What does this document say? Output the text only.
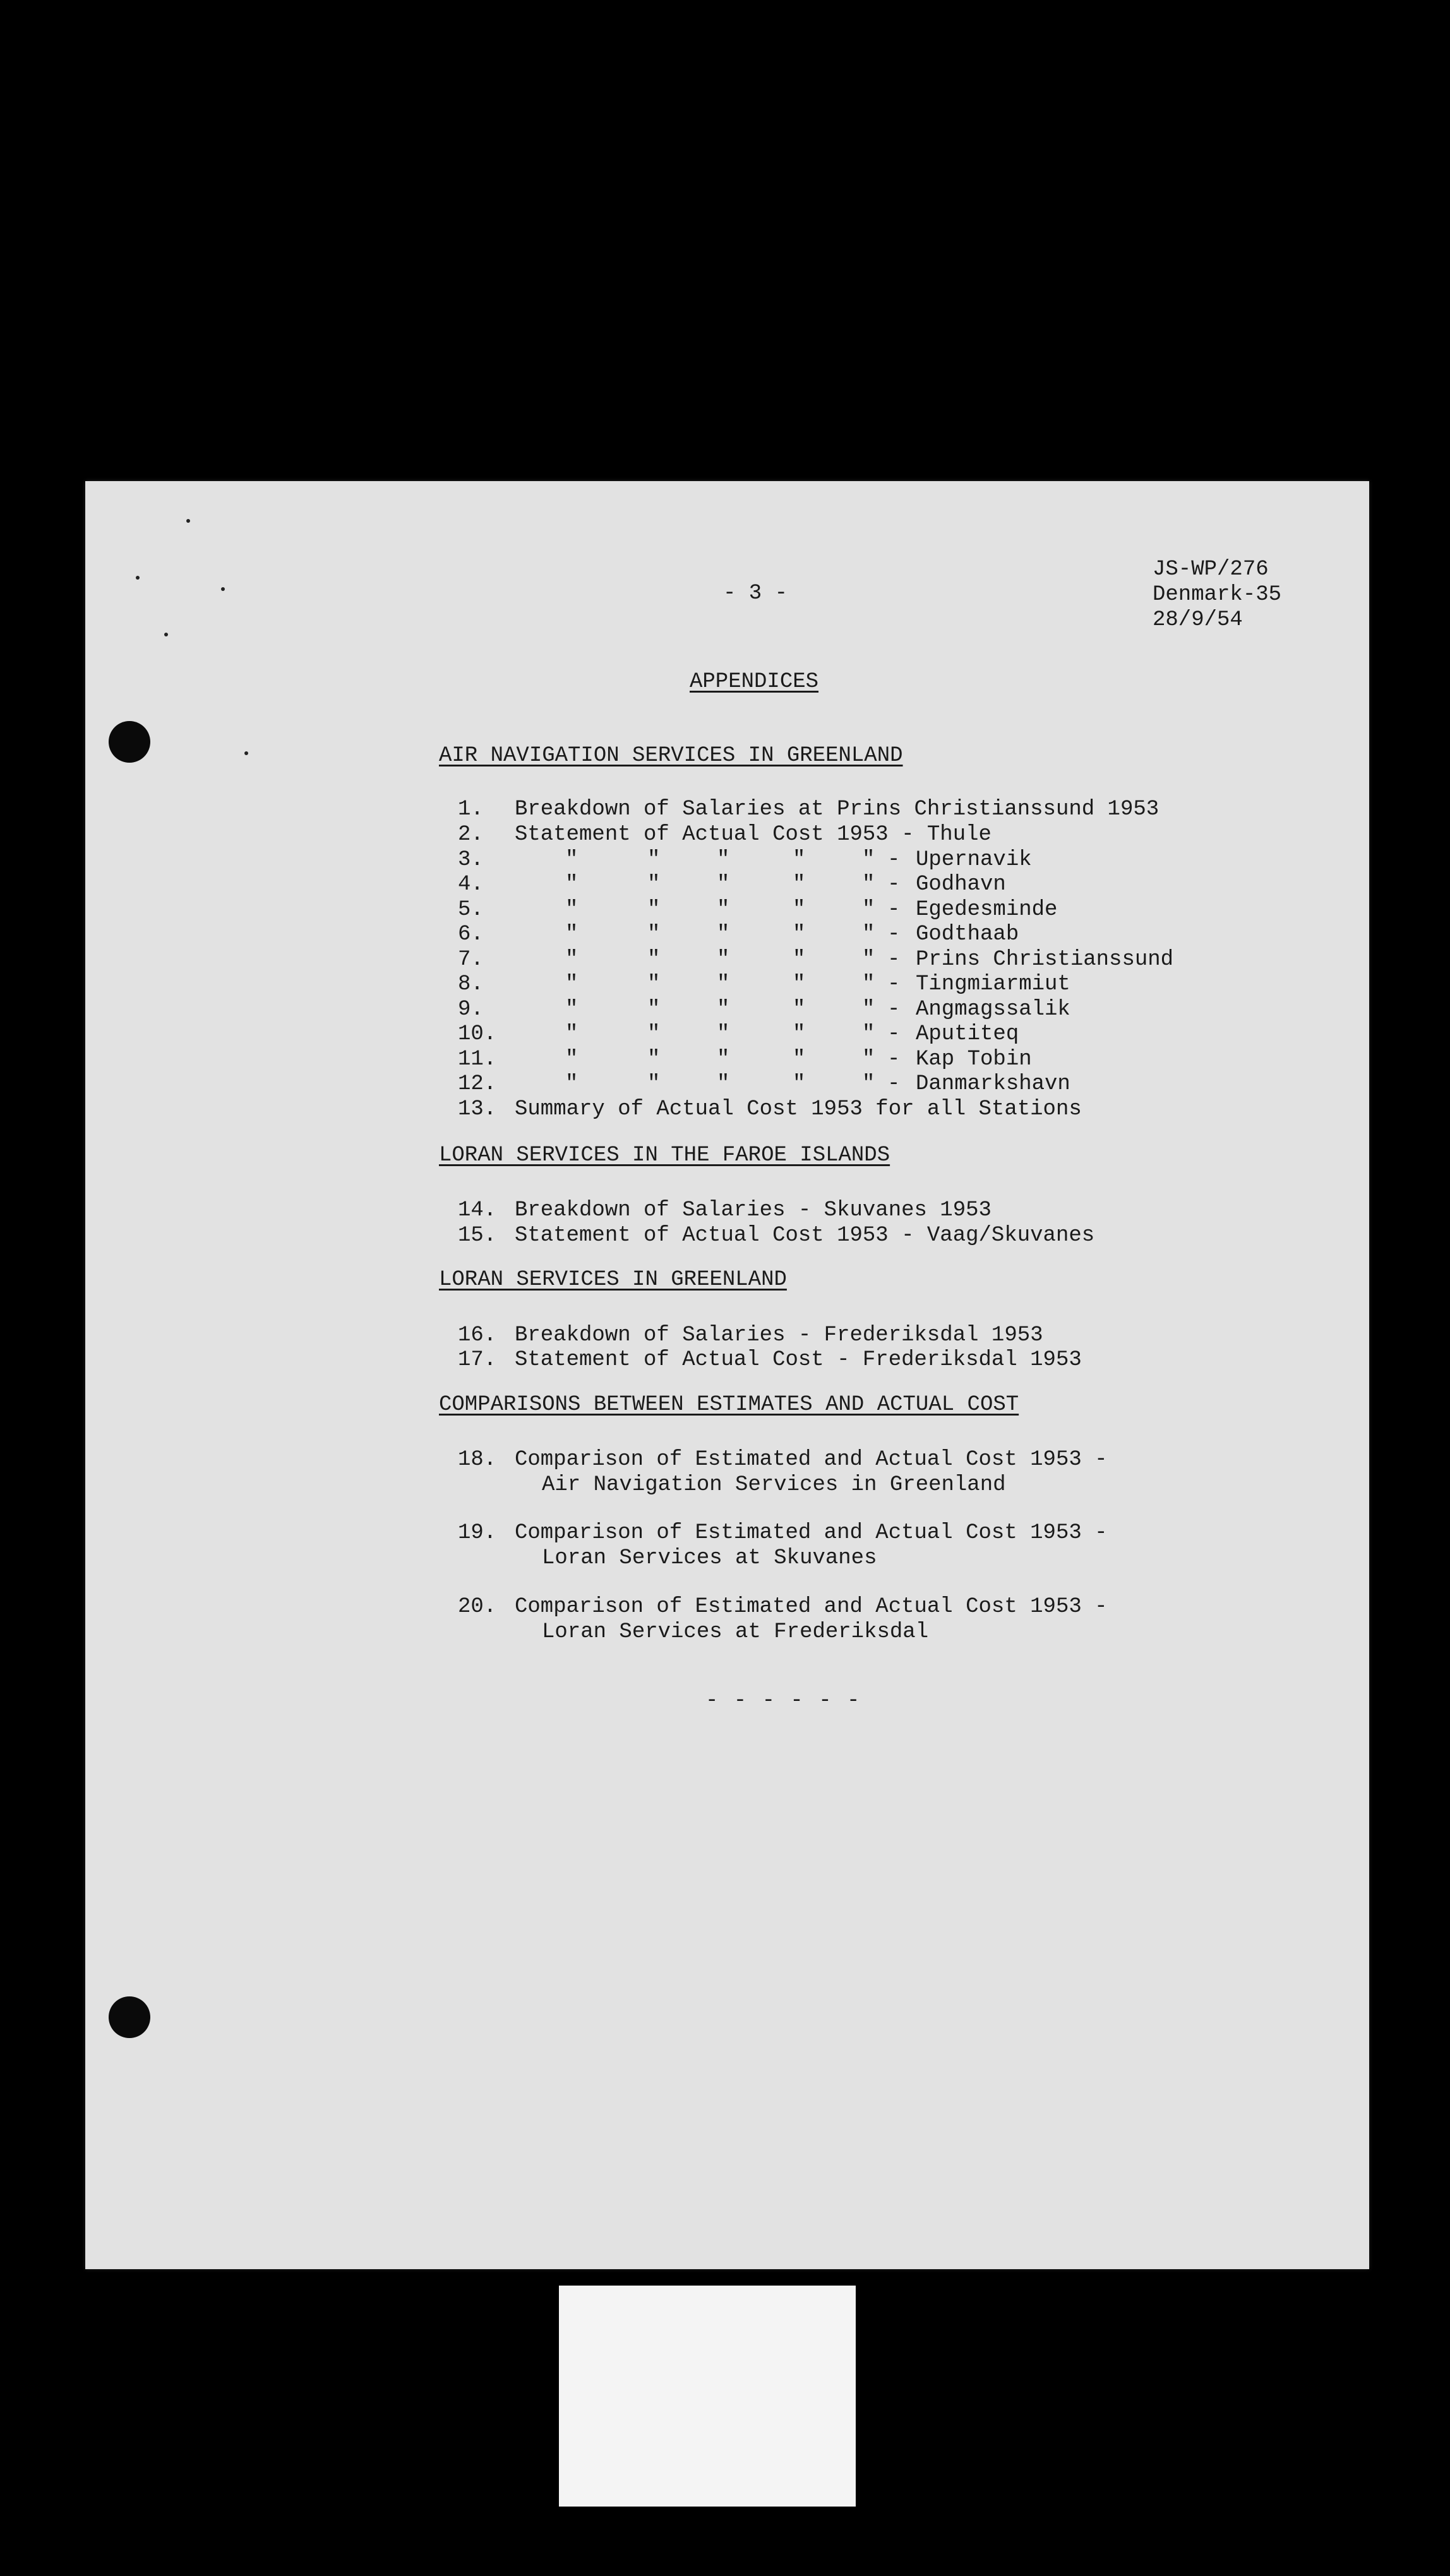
- 3 -
JS-WP/276
Denmark-35
28/9/54
APPENDICES
AIR NAVIGATION SERVICES IN GREENLAND
1.	Breakdown of Salaries at Prins Christianssund 1953
2.	Statement of Actual Cost 1953 - Thule
3.	"	"	"	"	" - Upernavik
4.	"	"	"	"	" - Godhavn
5.	"	"	"	"	" - Egedesminde
6.	"	"	"	"	" - Godthaab
7.	"	"	"	"	" - Prins Christianssund
8.	"	"	"	"	" - Tingmiarmiut
9.	"	"	"	"	" - Angmagssalik
10.	"	"	"	"	" - Aputiteq
11.	"	"	"	"	" - Kap Tobin
12.	"	"	"	"	" - Danmarkshavn
13. Summary of Actual Cost 1953 for all Stations
LORAN SERVICES IN THE FAROE ISLANDS
14. Breakdown of Salaries - Skuvanes 1953
15. Statement of Actual Cost 1953 - Vaag/Skuvanes
LORAN SERVICES IN GREENLAND
16. Breakdown of Salaries - Frederiksdal 1953
17. Statement of Actual Cost - Frederiksdal 1953
COMPARISONS BETWEEN ESTIMATES AND ACTUAL COST
18. Comparison of Estimated and Actual Cost 1953 -
Air Navigation Services in Greenland
19. Comparison of Estimated and Actual Cost 1953 -
Loran Services at Skuvanes
20. Comparison of Estimated and Actual Cost 1953 -
Loran Services at Frederiksdal
- - - - - -
